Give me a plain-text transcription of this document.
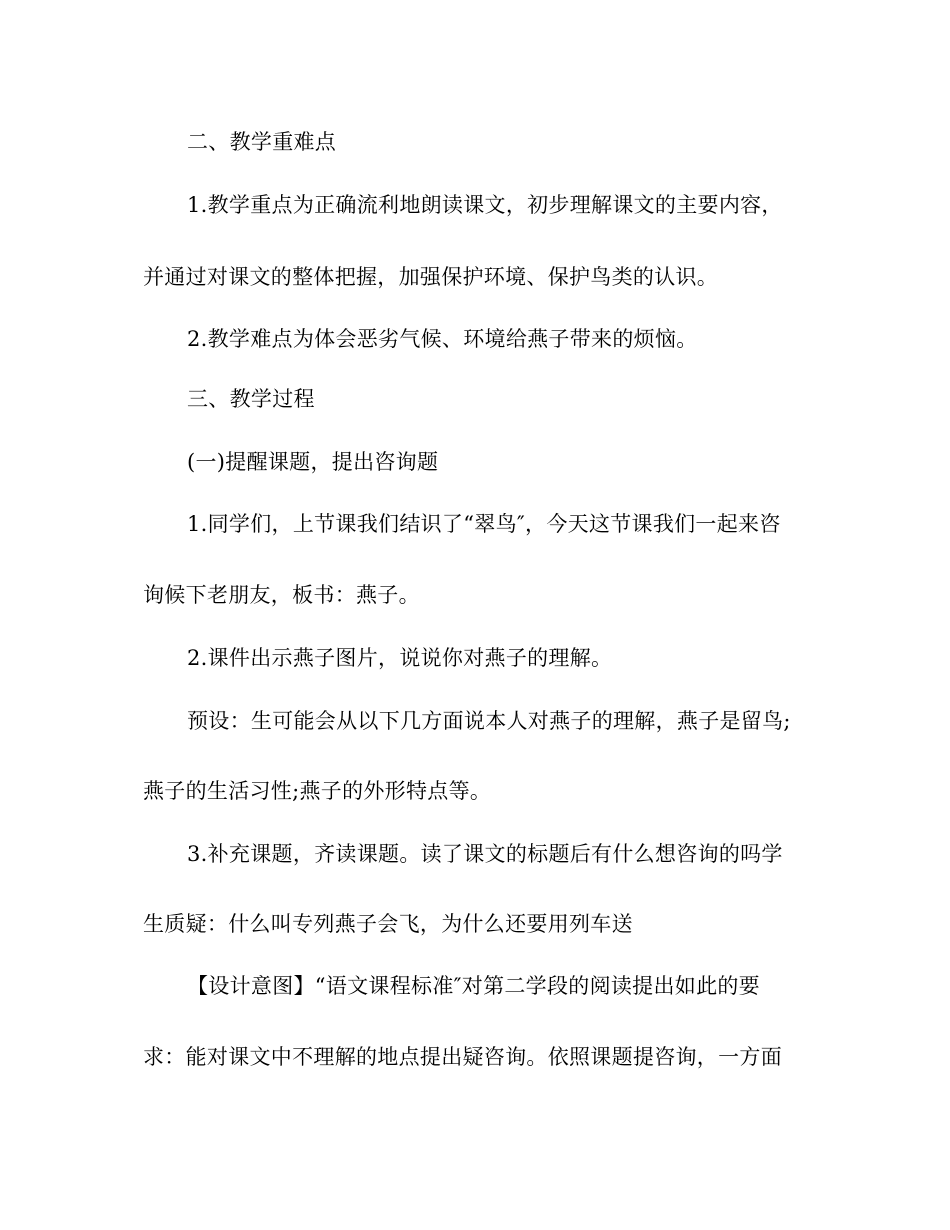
二、教学重难点
1.教学重点为正确流利地朗读课文，初步理解课文的主要内容，
并通过对课文的整体把握，加强保护环境、保护鸟类的认识。
2.教学难点为体会恶劣气候、环境给燕子带来的烦恼。
三、教学过程
(一)提醒课题，提出咨询题
1.同学们，上节课我们结识了“翠鸟″，今天这节课我们一起来咨
询候下老朋友，板书：燕子。
2.课件出示燕子图片，说说你对燕子的理解。
预设：生可能会从以下几方面说本人对燕子的理解，燕子是留鸟;
燕子的生活习性;燕子的外形特点等。
3.补充课题，齐读课题。读了课文的标题后有什么想咨询的吗学
生质疑：什么叫专列燕子会飞，为什么还要用列车送
【设计意图】“语文课程标准″对第二学段的阅读提出如此的要
求：能对课文中不理解的地点提出疑咨询。依照课题提咨询，一方面
